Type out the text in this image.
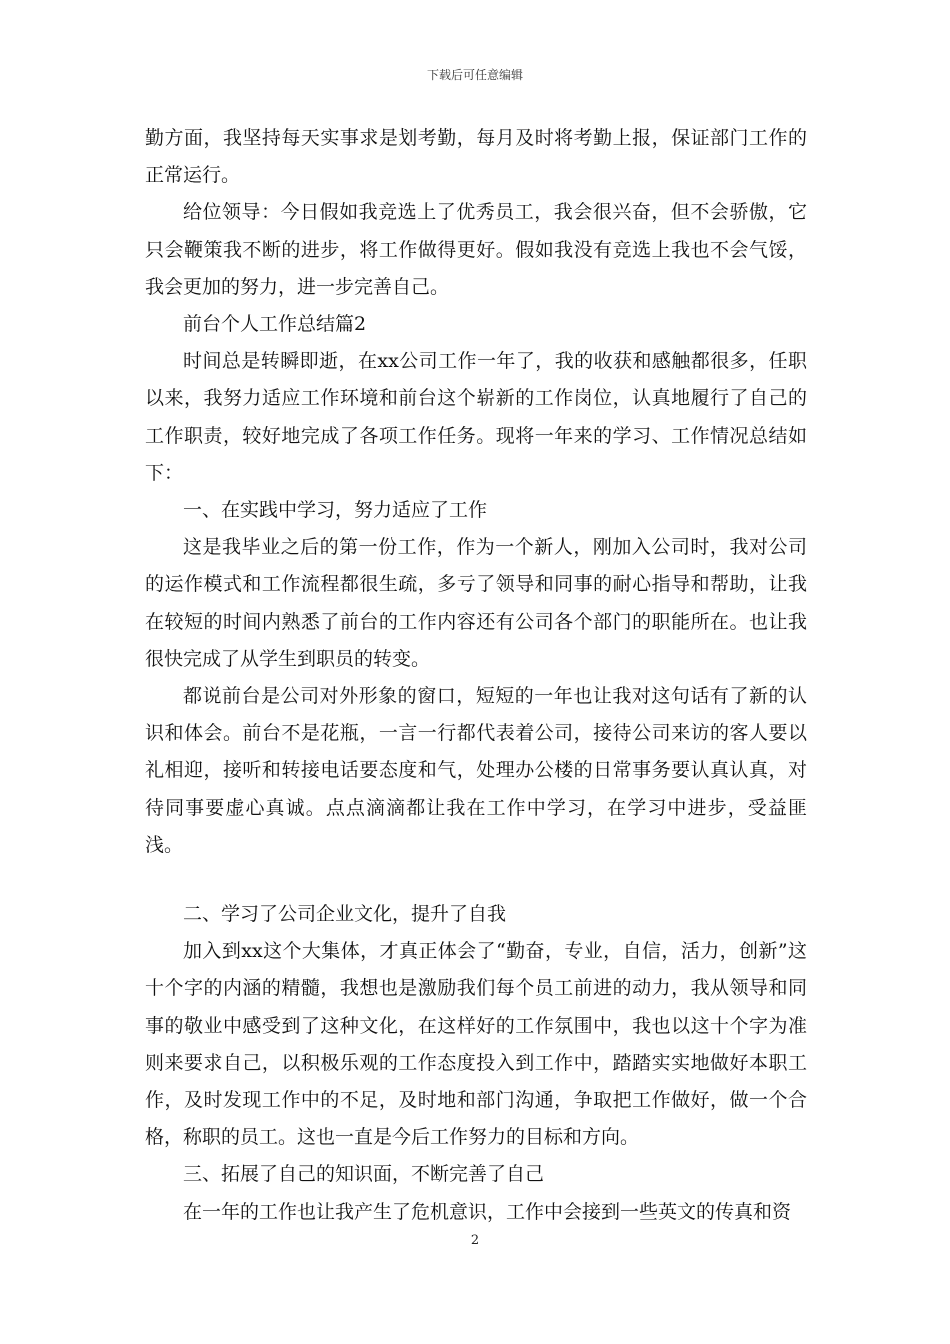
下载后可任意编辑

勤方面，我坚持每天实事求是划考勤，每月及时将考勤上报，保证部门工作的正常运行。

给位领导：今日假如我竞选上了优秀员工，我会很兴奋，但不会骄傲，它只会鞭策我不断的进步，将工作做得更好。假如我没有竞选上我也不会气馁，我会更加的努力，进一步完善自己。

前台个人工作总结篇2

时间总是转瞬即逝，在xx公司工作一年了，我的收获和感触都很多，任职以来，我努力适应工作环境和前台这个崭新的工作岗位，认真地履行了自己的工作职责，较好地完成了各项工作任务。现将一年来的学习、工作情况总结如下：

一、在实践中学习，努力适应了工作

这是我毕业之后的第一份工作，作为一个新人，刚加入公司时，我对公司的运作模式和工作流程都很生疏，多亏了领导和同事的耐心指导和帮助，让我在较短的时间内熟悉了前台的工作内容还有公司各个部门的职能所在。也让我很快完成了从学生到职员的转变。

都说前台是公司对外形象的窗口，短短的一年也让我对这句话有了新的认识和体会。前台不是花瓶，一言一行都代表着公司，接待公司来访的客人要以礼相迎，接听和转接电话要态度和气，处理办公楼的日常事务要认真认真，对待同事要虚心真诚。点点滴滴都让我在工作中学习，在学习中进步，受益匪浅。

二、学习了公司企业文化，提升了自我

加入到xx这个大集体，才真正体会了“勤奋，专业，自信，活力，创新”这十个字的内涵的精髓，我想也是激励我们每个员工前进的动力，我从领导和同事的敬业中感受到了这种文化，在这样好的工作氛围中，我也以这十个字为准则来要求自己，以积极乐观的工作态度投入到工作中，踏踏实实地做好本职工作，及时发现工作中的不足，及时地和部门沟通，争取把工作做好，做一个合格，称职的员工。这也一直是今后工作努力的目标和方向。

三、拓展了自己的知识面，不断完善了自己

在一年的工作也让我产生了危机意识，工作中会接到一些英文的传真和资

2
